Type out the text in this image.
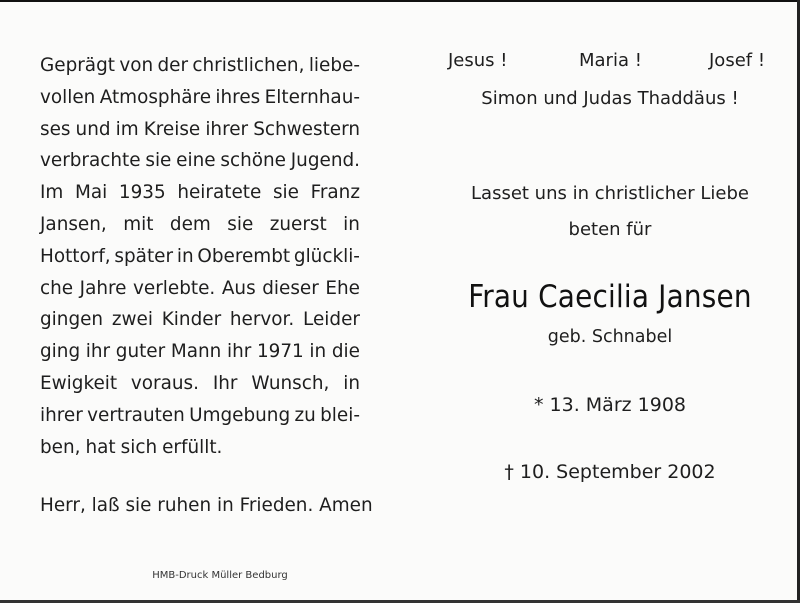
Geprägt von der christlichen, liebe-
vollen Atmosphäre ihres Elternhau-
ses und im Kreise ihrer Schwestern
verbrachte sie eine schöne Jugend.
Im Mai 1935 heiratete sie Franz
Jansen, mit dem sie zuerst in
Hottorf, später in Oberembt glückli-
che Jahre verlebte. Aus dieser Ehe
gingen zwei Kinder hervor. Leider
ging ihr guter Mann ihr 1971 in die
Ewigkeit voraus. Ihr Wunsch, in
ihrer vertrauten Umgebung zu blei-
ben, hat sich erfüllt.
Herr, laß sie ruhen in Frieden. Amen
Jesus !	Maria !	Josef !
Simon und Judas Thaddäus !
Lasset uns in christlicher Liebe
beten für
Frau Caecilia Jansen
geb. Schnabel
* 13. März 1908
† 10. September 2002
HMB-Druck Müller Bedburg
